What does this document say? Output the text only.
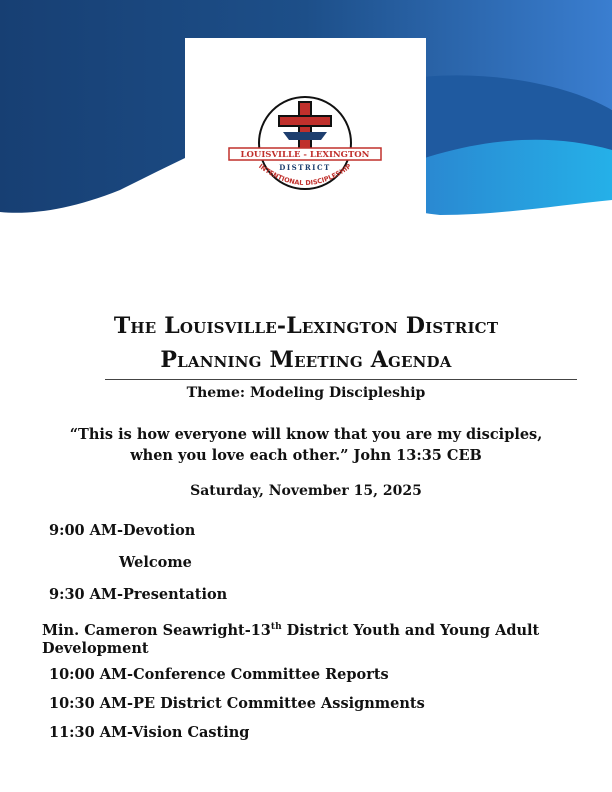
LOUISVILLE - LEXINGTON
DISTRICT
INTENTIONAL DISCIPLESHIP
The Louisville-Lexington District
Planning Meeting Agenda
Theme: Modeling Discipleship
“This is how everyone will know that you are my disciples,
when you love each other.” John 13:35 CEB
Saturday, November 15, 2025
9:00 AM-Devotion
Welcome
9:30 AM-Presentation
Min. Cameron Seawright-13th District Youth and Young Adult Development
10:00 AM-Conference Committee Reports
10:30 AM-PE District Committee Assignments
11:30 AM-Vision Casting
